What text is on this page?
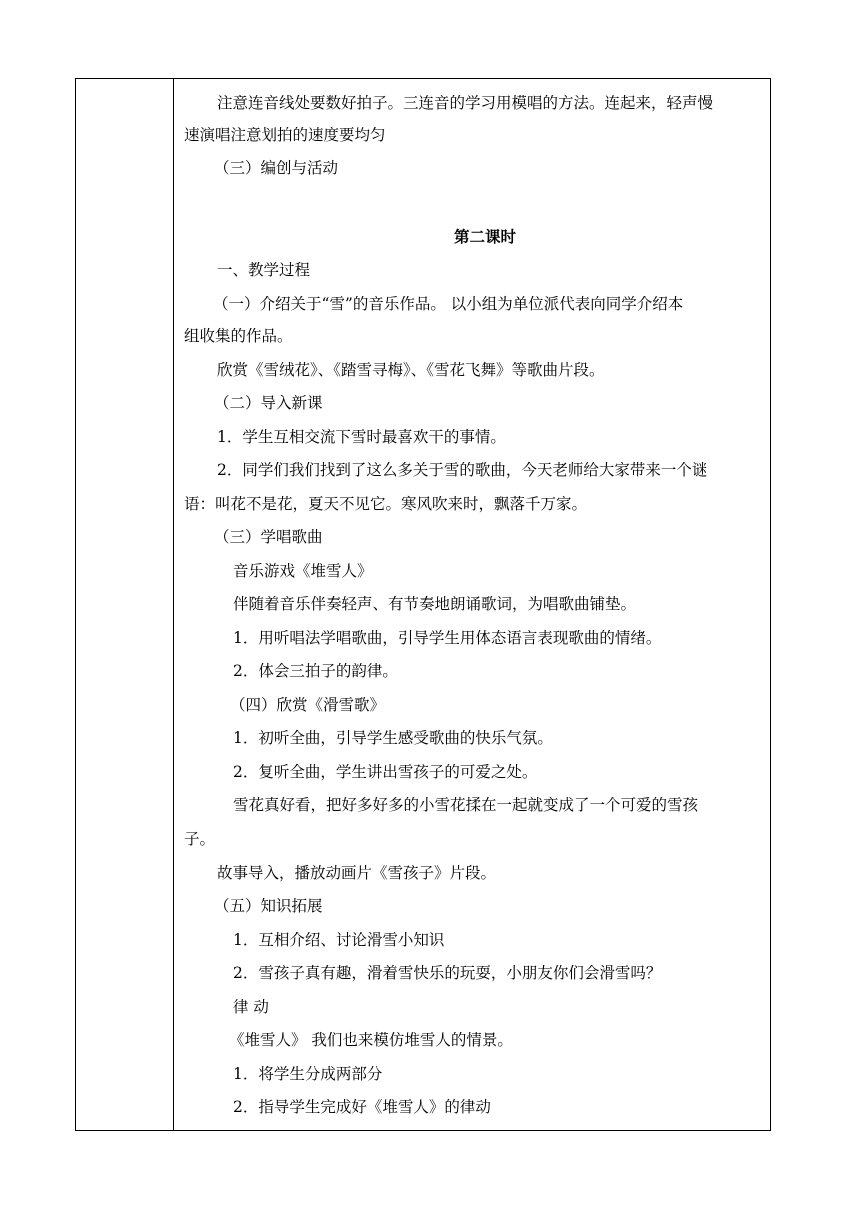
注意连音线处要数好拍子。三连音的学习用模唱的方法。连起来，轻声慢
速演唱注意划拍的速度要均匀
（三）编创与活动
第二课时
一、教学过程
（一）介绍关于“雪”的音乐作品。 以小组为单位派代表向同学介绍本
组收集的作品。
欣赏《雪绒花》、《踏雪寻梅》、《雪花飞舞》等歌曲片段。
（二）导入新课
1．学生互相交流下雪时最喜欢干的事情。
2．同学们我们找到了这么多关于雪的歌曲，今天老师给大家带来一个谜
语：叫花不是花，夏天不见它。寒风吹来时，飘落千万家。
（三）学唱歌曲
音乐游戏《堆雪人》
伴随着音乐伴奏轻声、有节奏地朗诵歌词，为唱歌曲铺垫。
1．用听唱法学唱歌曲，引导学生用体态语言表现歌曲的情绪。
2．体会三拍子的韵律。
（四）欣赏《滑雪歌》
1．初听全曲，引导学生感受歌曲的快乐气氛。
2．复听全曲，学生讲出雪孩子的可爱之处。
雪花真好看，把好多好多的小雪花揉在一起就变成了一个可爱的雪孩
子。
故事导入，播放动画片《雪孩子》片段。
（五）知识拓展
1．互相介绍、讨论滑雪小知识
2．雪孩子真有趣，滑着雪快乐的玩耍，小朋友你们会滑雪吗？
律 动
《堆雪人》 我们也来模仿堆雪人的情景。
1．将学生分成两部分
2．指导学生完成好《堆雪人》的律动
